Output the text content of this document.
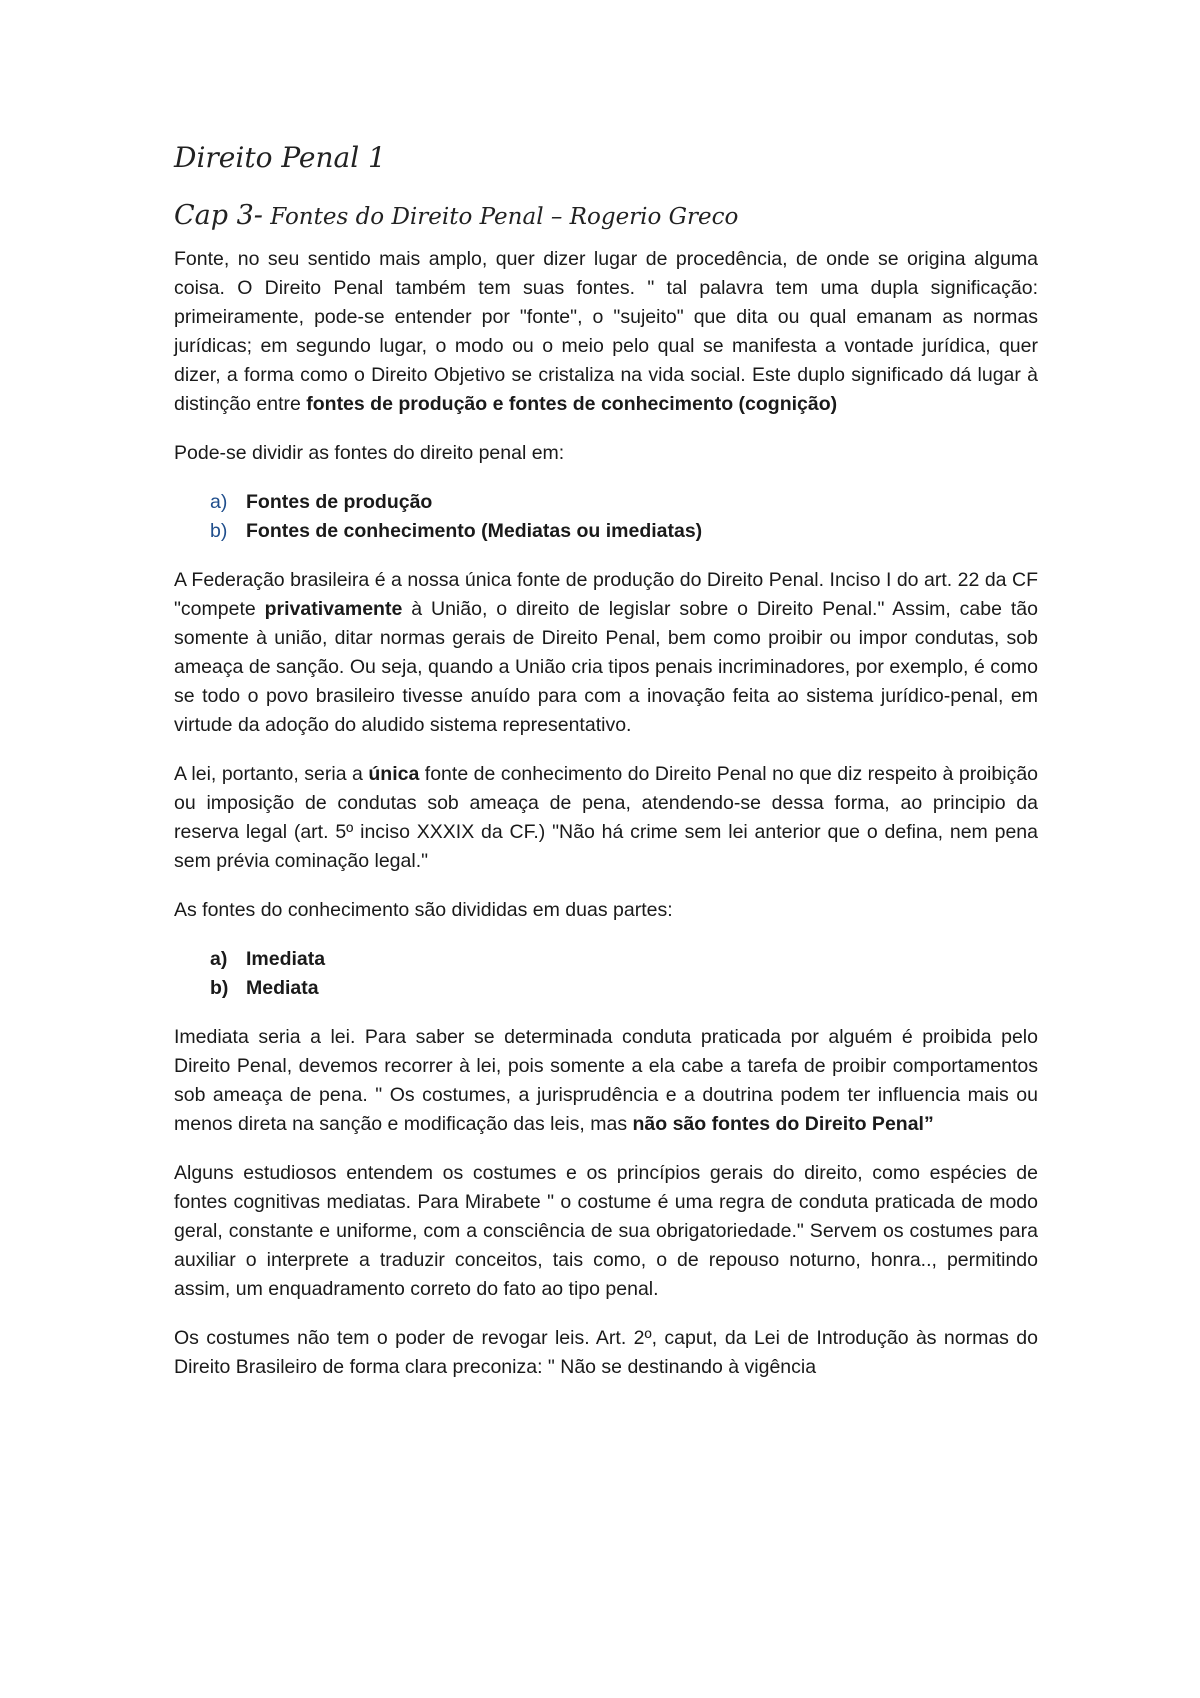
Direito Penal 1
Cap 3- Fontes do Direito Penal – Rogerio Greco

Fonte, no seu sentido mais amplo, quer dizer lugar de procedência, de onde se origina alguma coisa. O Direito Penal também tem suas fontes. " tal palavra tem uma dupla significação: primeiramente, pode-se entender por "fonte", o "sujeito" que dita ou qual emanam as normas jurídicas; em segundo lugar, o modo ou o meio pelo qual se manifesta a vontade jurídica, quer dizer, a forma como o Direito Objetivo se cristaliza na vida social. Este duplo significado dá lugar à distinção entre fontes de produção e fontes de conhecimento (cognição)

Pode-se dividir as fontes do direito penal em:

a) Fontes de produção
b) Fontes de conhecimento (Mediatas ou imediatas)

A Federação brasileira é a nossa única fonte de produção do Direito Penal. Inciso I do art. 22 da CF "compete privativamente à União, o direito de legislar sobre o Direito Penal." Assim, cabe tão somente à união, ditar normas gerais de Direito Penal, bem como proibir ou impor condutas, sob ameaça de sanção. Ou seja, quando a União cria tipos penais incriminadores, por exemplo, é como se todo o povo brasileiro tivesse anuído para com a inovação feita ao sistema jurídico-penal, em virtude da adoção do aludido sistema representativo.

A lei, portanto, seria a única fonte de conhecimento do Direito Penal no que diz respeito à proibição ou imposição de condutas sob ameaça de pena, atendendo-se dessa forma, ao principio da reserva legal (art. 5º inciso XXXIX da CF.) "Não há crime sem lei anterior que o defina, nem pena sem prévia cominação legal."

As fontes do conhecimento são divididas em duas partes:

a) Imediata
b) Mediata

Imediata seria a lei. Para saber se determinada conduta praticada por alguém é proibida pelo Direito Penal, devemos recorrer à lei, pois somente a ela cabe a tarefa de proibir comportamentos sob ameaça de pena. " Os costumes, a jurisprudência e a doutrina podem ter influencia mais ou menos direta na sanção e modificação das leis, mas não são fontes do Direito Penal”

Alguns estudiosos entendem os costumes e os princípios gerais do direito, como espécies de fontes cognitivas mediatas. Para Mirabete " o costume é uma regra de conduta praticada de modo geral, constante e uniforme, com a consciência de sua obrigatoriedade." Servem os costumes para auxiliar o interprete a traduzir conceitos, tais como, o de repouso noturno, honra.., permitindo assim, um enquadramento correto do fato ao tipo penal.

Os costumes não tem o poder de revogar leis. Art. 2º, caput, da Lei de Introdução às normas do Direito Brasileiro de forma clara preconiza: " Não se destinando à vigência
